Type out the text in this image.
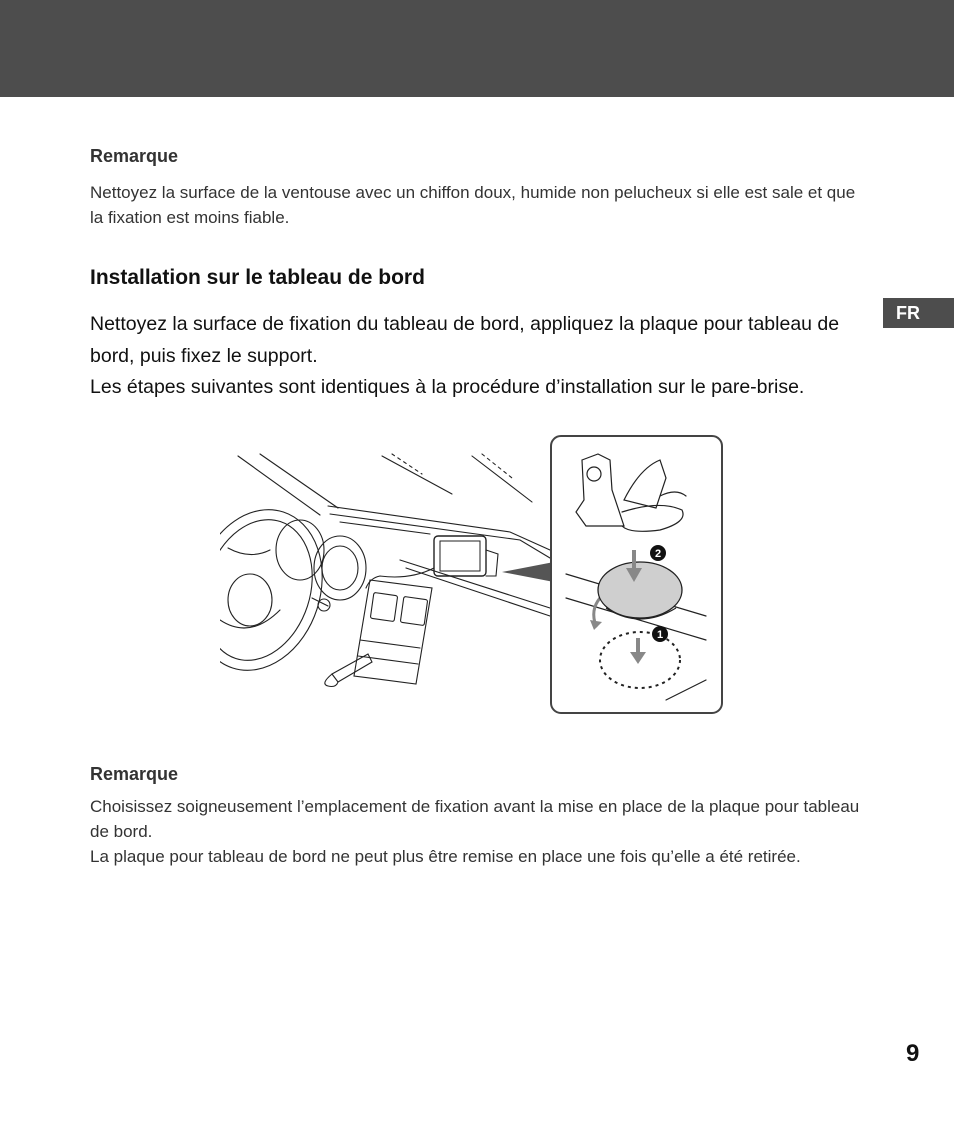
FR
Remarque

Nettoyez la surface de la ventouse avec un chiffon doux, humide non pelucheux si elle est sale et que la fixation est moins fiable.

Installation sur le tableau de bord

Nettoyez la surface de fixation du tableau de bord, appliquez la plaque pour tableau de bord, puis fixez le support.

Les étapes suivantes sont identiques à la procédure d’installation sur le pare-brise.

2
1
Remarque

Choisissez soigneusement l’emplacement de fixation avant la mise en place de la plaque pour tableau de bord.

La plaque pour tableau de bord ne peut plus être remise en place une fois qu’elle a été retirée.

9
